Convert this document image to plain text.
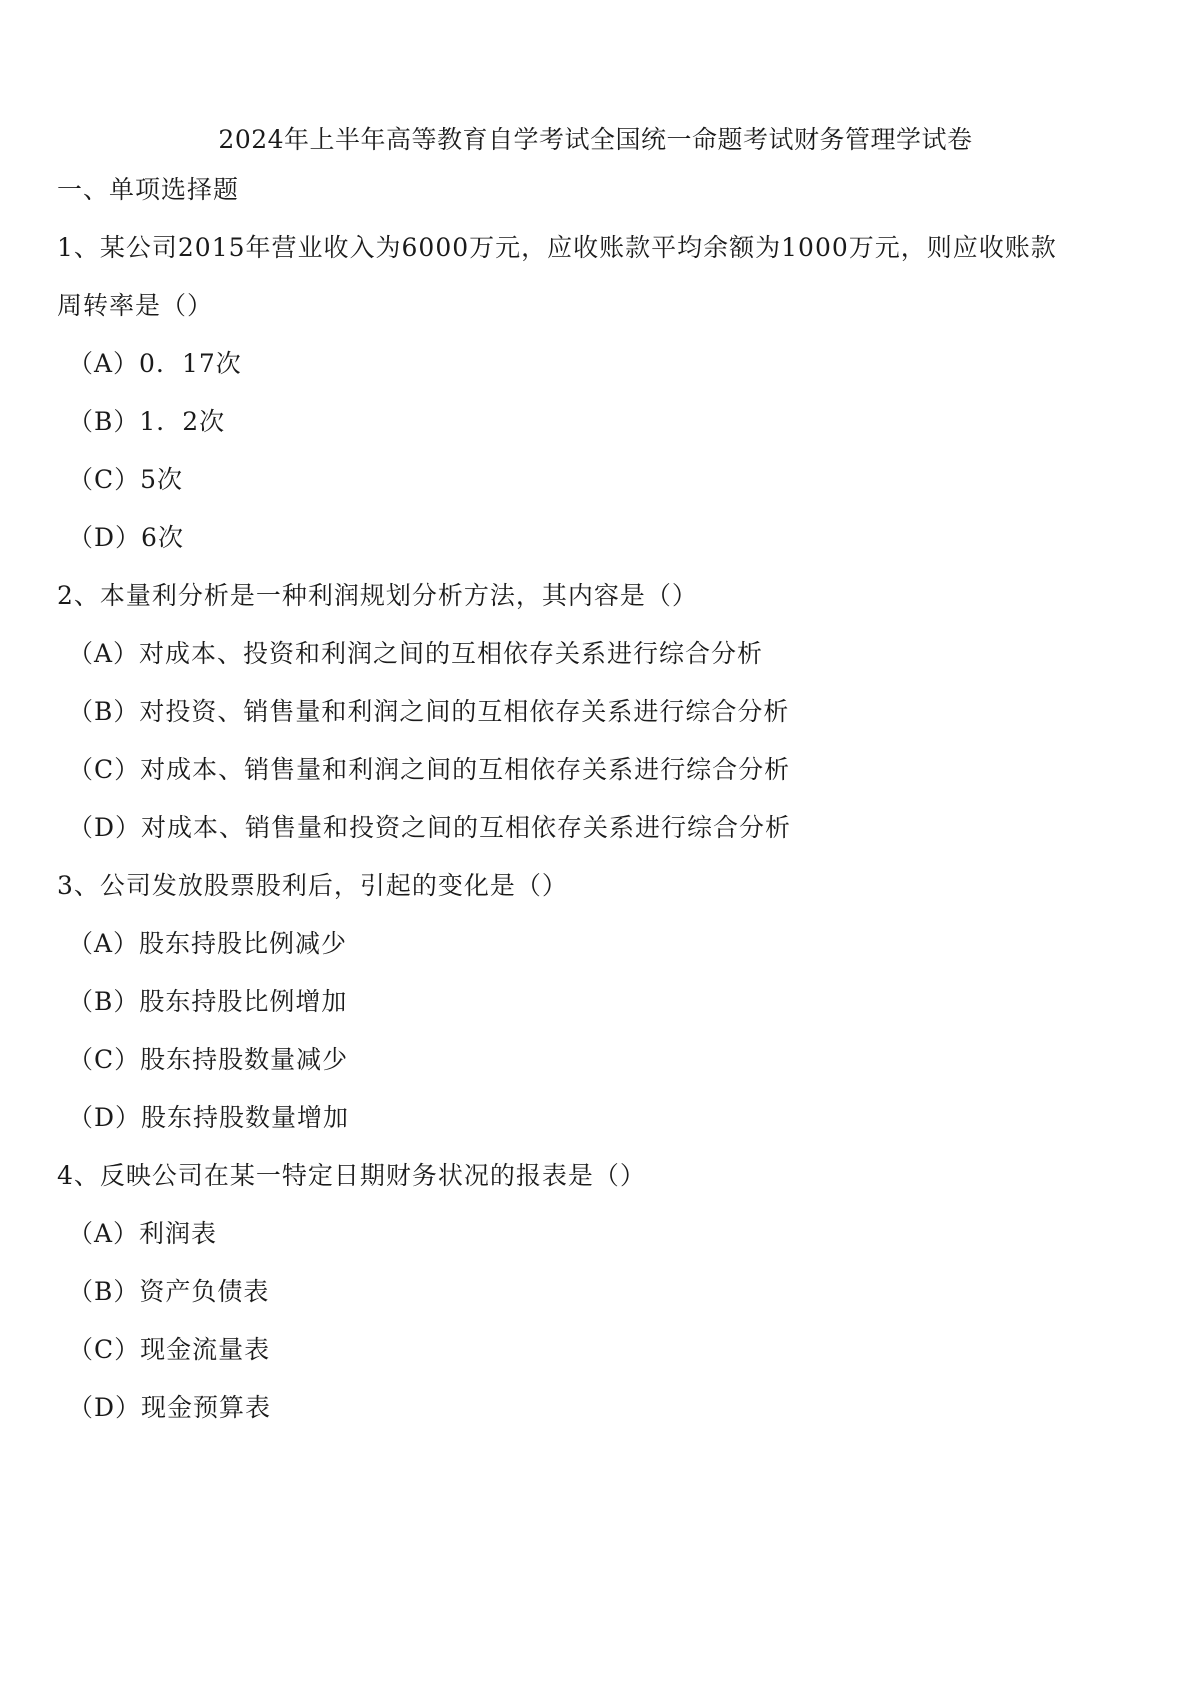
2024年上半年高等教育自学考试全国统一命题考试财务管理学试卷
一、单项选择题
1、某公司2015年营业收入为6000万元，应收账款平均余额为1000万元，则应收账款
周转率是（）
（A）0．17次
（B）1．2次
（C）5次
（D）6次
2、本量利分析是一种利润规划分析方法，其内容是（）
（A）对成本、投资和利润之间的互相依存关系进行综合分析
（B）对投资、销售量和利润之间的互相依存关系进行综合分析
（C）对成本、销售量和利润之间的互相依存关系进行综合分析
（D）对成本、销售量和投资之间的互相依存关系进行综合分析
3、公司发放股票股利后，引起的变化是（）
（A）股东持股比例减少
（B）股东持股比例增加
（C）股东持股数量减少
（D）股东持股数量增加
4、反映公司在某一特定日期财务状况的报表是（）
（A）利润表
（B）资产负债表
（C）现金流量表
（D）现金预算表
